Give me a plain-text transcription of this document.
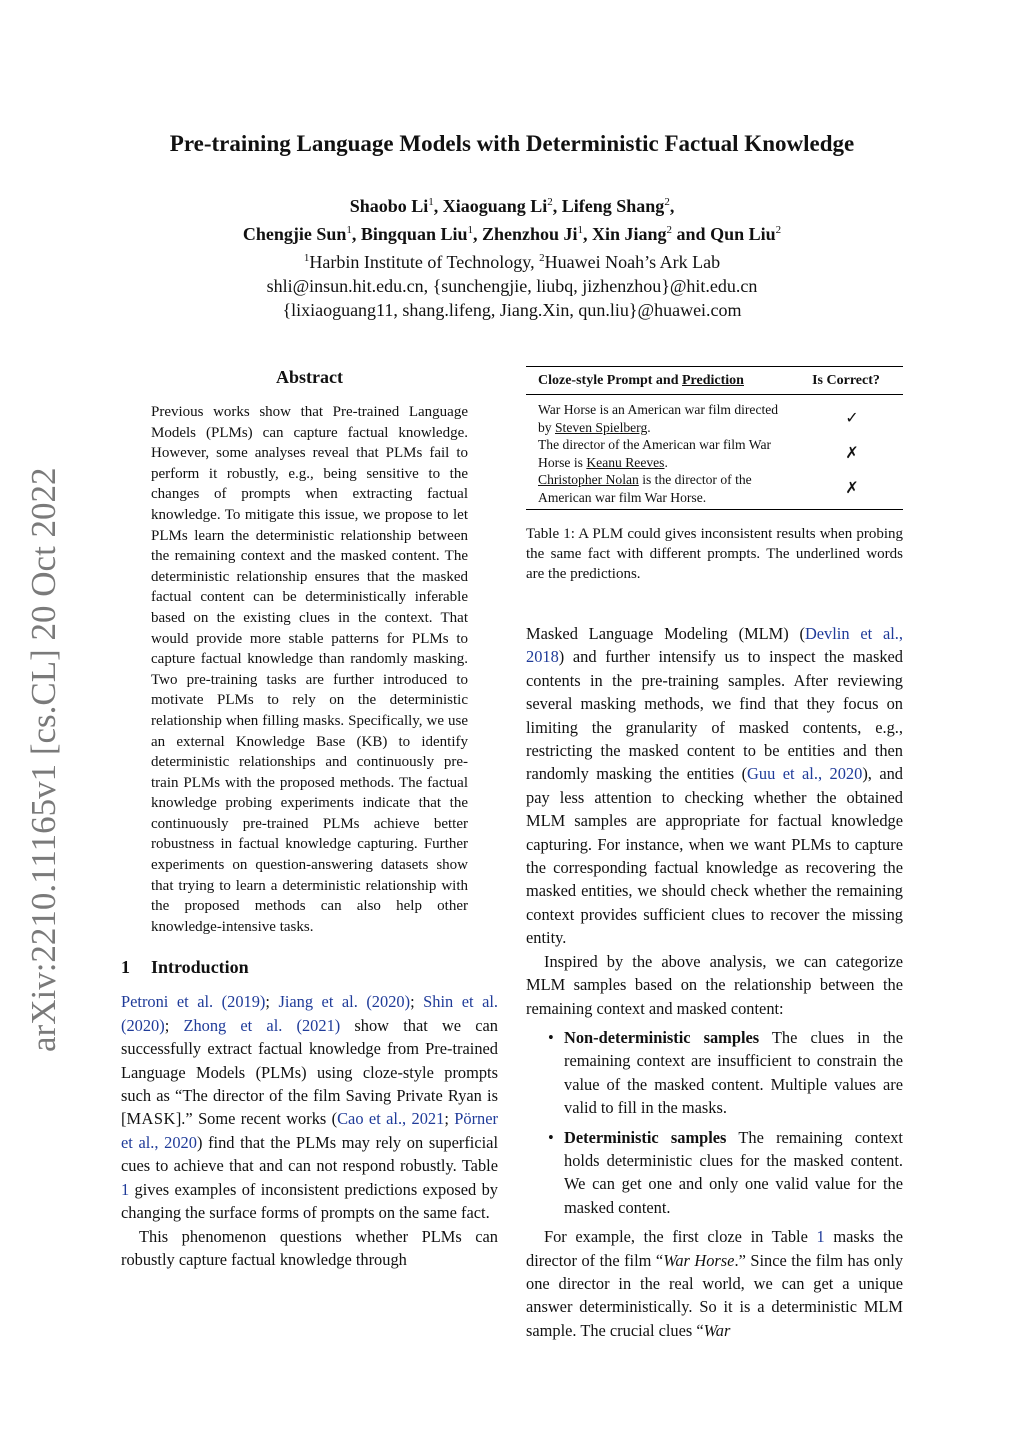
arXiv:2210.11165v1 [cs.CL] 20 Oct 2022
Pre-training Language Models with Deterministic Factual Knowledge
Shaobo Li$^1$, Xiaoguang Li$^2$, Lifeng Shang$^2$,
Chengjie Sun$^1$, Bingquan Liu$^1$, Zhenzhou Ji$^1$, Xin Jiang$^2$ and Qun Liu$^2$
$^1$Harbin Institute of Technology, $^2$Huawei Noah’s Ark Lab
shli@insun.hit.edu.cn, {sunchengjie, liubq, jizhenzhou}@hit.edu.cn
{lixiaoguang11, shang.lifeng, Jiang.Xin, qun.liu}@huawei.com
Abstract
Previous works show that Pre-trained Language Models (PLMs) can capture factual knowledge. However, some analyses reveal that PLMs fail to perform it robustly, e.g., being sensitive to the changes of prompts when extracting factual knowledge. To mitigate this issue, we propose to let PLMs learn the deterministic relationship between the remaining context and the masked content. The deterministic relationship ensures that the masked factual content can be deterministically inferable based on the existing clues in the context. That would provide more stable patterns for PLMs to capture factual knowledge than randomly masking. Two pre-training tasks are further introduced to motivate PLMs to rely on the deterministic relationship when filling masks. Specifically, we use an external Knowledge Base (KB) to identify deterministic relationships and continuously pre-train PLMs with the proposed methods. The factual knowledge probing experiments indicate that the continuously pre-trained PLMs achieve better robustness in factual knowledge capturing. Further experiments on question-answering datasets show that trying to learn a deterministic relationship with the proposed methods can also help other knowledge-intensive tasks.
1 Introduction

Petroni et al. (2019); Jiang et al. (2020); Shin et al. (2020); Zhong et al. (2021) show that we can successfully extract factual knowledge from Pre-trained Language Models (PLMs) using cloze-style prompts such as “The director of the film Saving Private Ryan is [MASK].” Some recent works (Cao et al., 2021; Pörner et al., 2020) find that the PLMs may rely on superficial cues to achieve that and can not respond robustly. Table 1 gives examples of inconsistent predictions exposed by changing the surface forms of prompts on the same fact.

This phenomenon questions whether PLMs can robustly capture factual knowledge through

Cloze-style Prompt and Prediction	Is Correct?
War Horse is an American war film directed by Steven Spielberg.	✓
The director of the American war film War Horse is Keanu Reeves.	✗
Christopher Nolan is the director of the American war film War Horse.	✗
Table 1: A PLM could gives inconsistent results when probing the same fact with different prompts. The underlined words are the predictions.

Masked Language Modeling (MLM) (Devlin et al., 2018) and further intensify us to inspect the masked contents in the pre-training samples. After reviewing several masking methods, we find that they focus on limiting the granularity of masked contents, e.g., restricting the masked content to be entities and then randomly masking the entities (Guu et al., 2020), and pay less attention to checking whether the obtained MLM samples are appropriate for factual knowledge capturing. For instance, when we want PLMs to capture the corresponding factual knowledge as recovering the masked entities, we should check whether the remaining context provides sufficient clues to recover the missing entity.

Inspired by the above analysis, we can categorize MLM samples based on the relationship between the remaining context and masked content:

• Non-deterministic samples The clues in the remaining context are insufficient to constrain the value of the masked content. Multiple values are valid to fill in the masks.
• Deterministic samples The remaining context holds deterministic clues for the masked content. We can get one and only one valid value for the masked content.

For example, the first cloze in Table 1 masks the director of the film “War Horse.” Since the film has only one director in the real world, we can get a unique answer deterministically. So it is a deterministic MLM sample. The crucial clues “War
